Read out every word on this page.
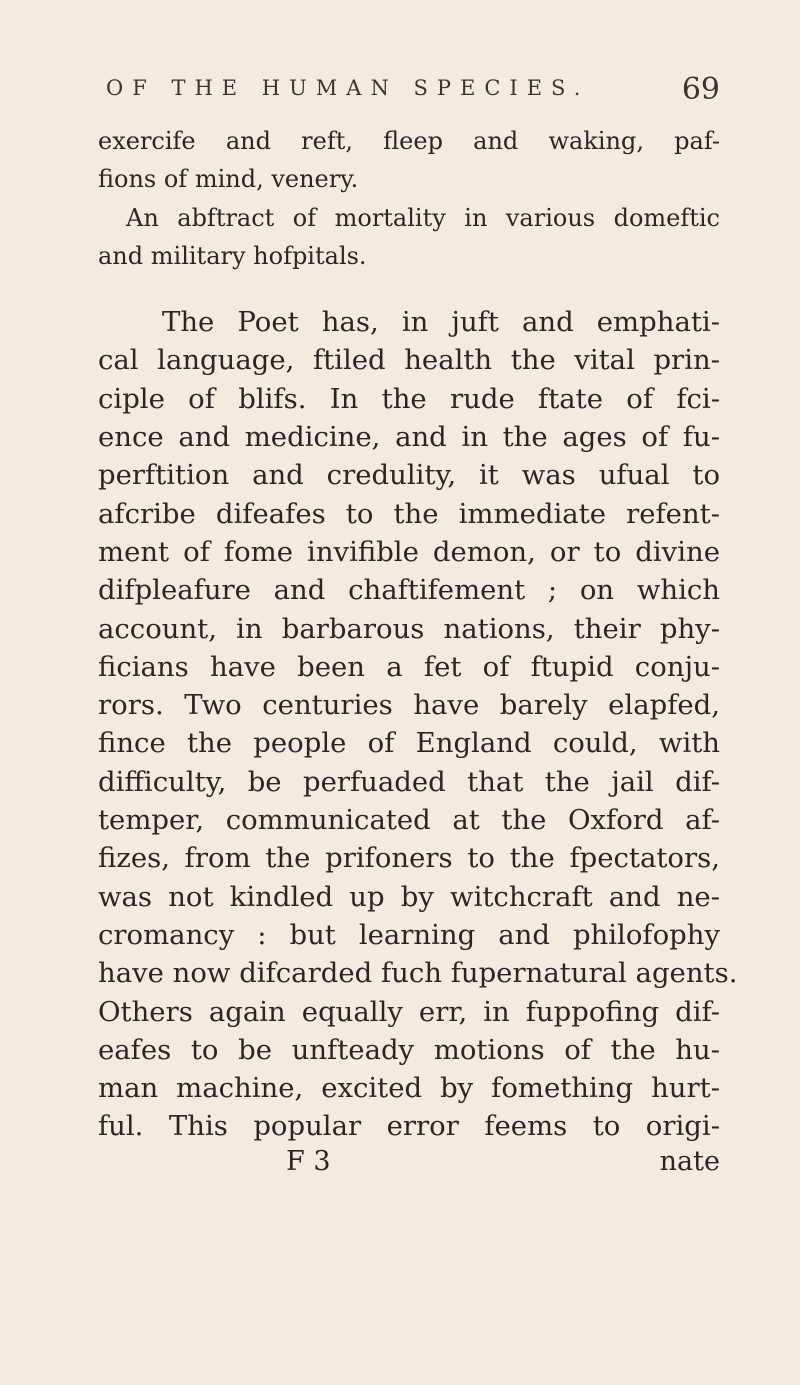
OF THE HUMAN SPECIES.	69
exercife and reft, fleep and waking, paf-
fions of mind, venery.
An abftract of mortality in various domeftic
and military hofpitals.
The Poet has, in juft and emphati-
cal language, ftiled health the vital prin-
ciple of blifs. In the rude ftate of fci-
ence and medicine, and in the ages of fu-
perftition and credulity, it was ufual to
afcribe difeafes to the immediate refent-
ment of fome invifible demon, or to divine
difpleafure and chaftifement ; on which
account, in barbarous nations, their phy-
ficians have been a fet of ftupid conju-
rors. Two centuries have barely elapfed,
fince the people of England could, with
difficulty, be perfuaded that the jail dif-
temper, communicated at the Oxford af-
fizes, from the prifoners to the fpectators,
was not kindled up by witchcraft and ne-
cromancy : but learning and philofophy
have now difcarded fuch fupernatural agents.
Others again equally err, in fuppofing dif-
eafes to be unfteady motions of the hu-
man machine, excited by fomething hurt-
ful. This popular error feems to origi-
F 3	nate
